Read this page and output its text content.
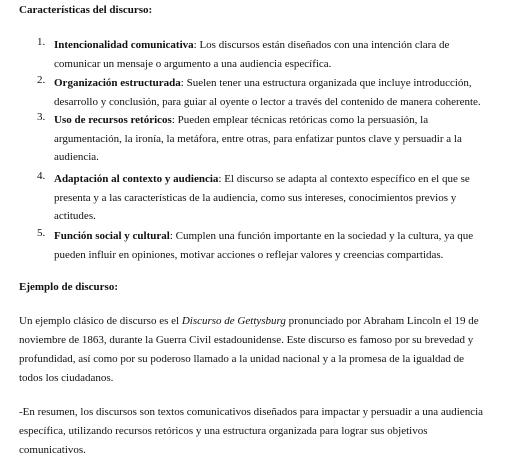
Características del discurso:
1. Intencionalidad comunicativa: Los discursos están diseñados con una intención clara de
comunicar un mensaje o argumento a una audiencia específica.
2. Organización estructurada: Suelen tener una estructura organizada que incluye introducción,
desarrollo y conclusión, para guiar al oyente o lector a través del contenido de manera coherente.
3. Uso de recursos retóricos: Pueden emplear técnicas retóricas como la persuasión, la
argumentación, la ironía, la metáfora, entre otras, para enfatizar puntos clave y persuadir a la
audiencia.
4. Adaptación al contexto y audiencia: El discurso se adapta al contexto específico en el que se
presenta y a las características de la audiencia, como sus intereses, conocimientos previos y
actitudes.
5. Función social y cultural: Cumplen una función importante en la sociedad y la cultura, ya que
pueden influir en opiniones, motivar acciones o reflejar valores y creencias compartidas.
Ejemplo de discurso:
Un ejemplo clásico de discurso es el Discurso de Gettysburg pronunciado por Abraham Lincoln el 19 de
noviembre de 1863, durante la Guerra Civil estadounidense. Este discurso es famoso por su brevedad y
profundidad, así como por su poderoso llamado a la unidad nacional y a la promesa de la igualdad de
todos los ciudadanos.
-En resumen, los discursos son textos comunicativos diseñados para impactar y persuadir a una audiencia
específica, utilizando recursos retóricos y una estructura organizada para lograr sus objetivos
comunicativos.
